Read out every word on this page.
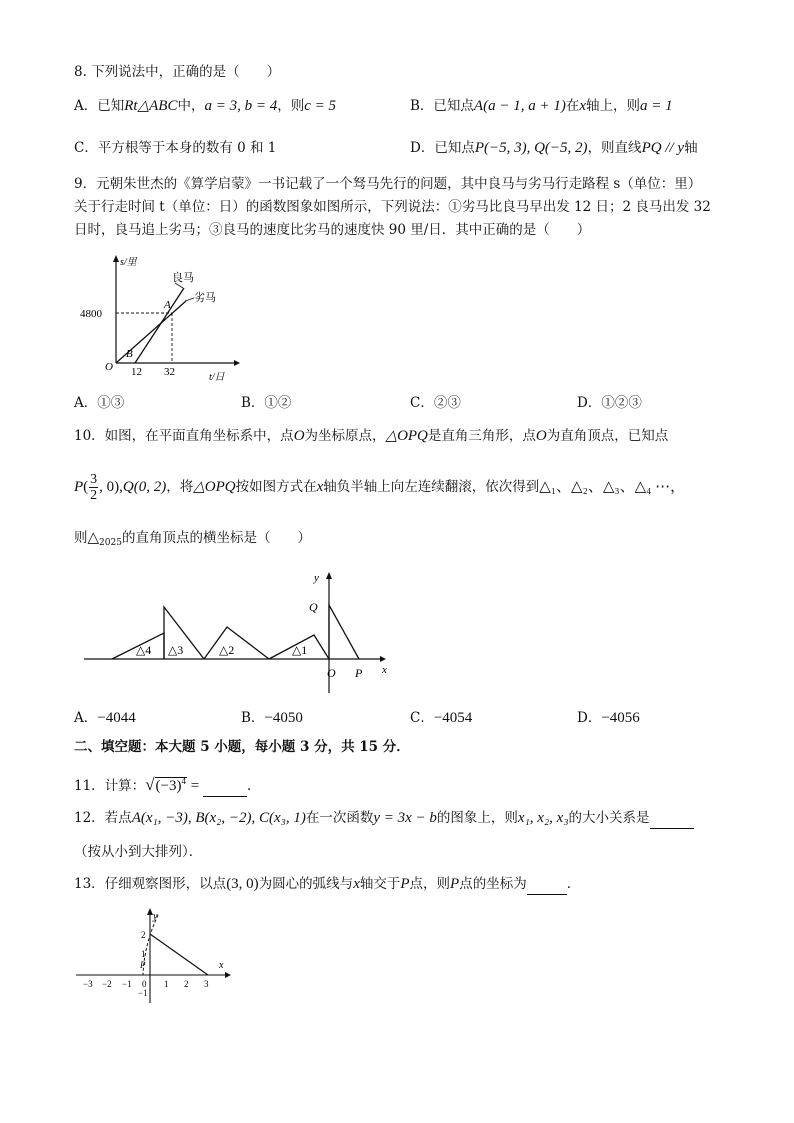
8. 下列说法中，正确的是（　　）
A．已知Rt△ABC中，a = 3, b = 4，则c = 5	B．已知点A(a − 1, a + 1)在x轴上，则a = 1
C．平方根等于本身的数有 0 和 1	D．已知点P(−5, 3), Q(−5, 2)，则直线PQ // y轴
9．元朝朱世杰的《算学启蒙》一书记载了一个驽马先行的问题，其中良马与劣马行走路程 s（单位：里）
关于行走时间 t（单位：日）的函数图象如图所示，下列说法：①劣马比良马早出发 12 日；2 良马出发 32
日时，良马追上劣马；③良马的速度比劣马的速度快 90 里/日．其中正确的是（　　）
s/里
t/日
O
4800
12 32
良马
劣马
A
B
A．①③	B．①②	C．②③	D．①②③
10．如图，在平面直角坐标系中，点O为坐标原点，△OPQ是直角三角形，点O为直角顶点，已知点
$P( \frac{3}{2}$ , 0),Q(0, 2)，将△OPQ按如图方式在x轴负半轴上向左连续翻滚，依次得到△₁、△₂、△₃、△₄ ⋯，
则$\triangle_{2025}$的直角顶点的横坐标是（　　）
y
x
Q
O P
△1
△2
△3
△4
A．−4044	B．−4050	C．−4054	D．−4056
二、填空题：本大题 5 小题，每小题 3 分，共 15 分．
11．计算：$√(-3)^4$ =	．
12．若点A(x₁, −3), B(x₂, −2), C(x₃, 1)在一次函数y = 3x − b的图象上，则x₁, x₂, x₃的大小关系是
（按从小到大排列）．
13．仔细观察图形，以点(3, 0)为圆心的弧线与x轴交于P点，则P点的坐标为	．
y
x
−3 −2 −1 0 1 2 3
2
1
−1
P
